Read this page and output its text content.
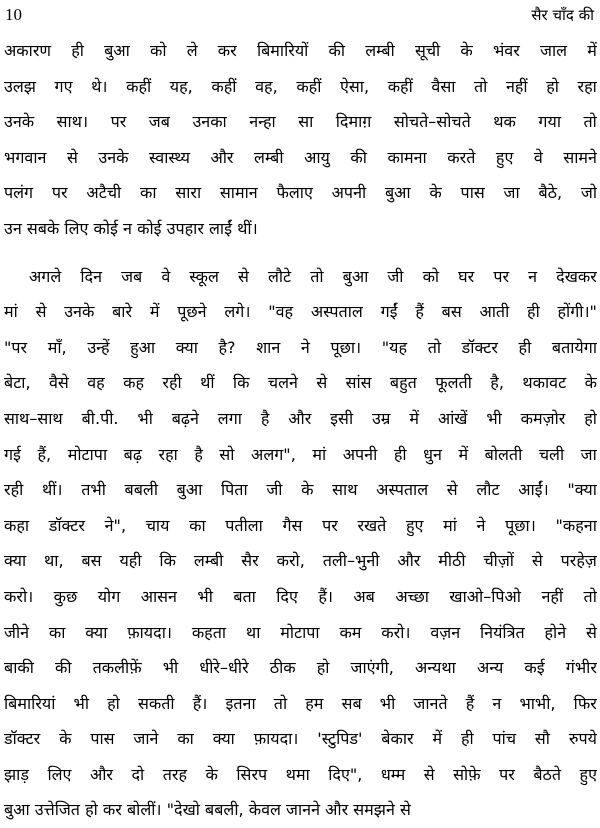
10	सैर चाँद की
अकारण ही बुआ को ले कर बिमारियों की लम्बी सूची के भंवर जाल में
उलझ गए थे। कहीं यह, कहीं वह, कहीं ऐसा, कहीं वैसा तो नहीं हो रहा
उनके साथ। पर जब उनका नन्हा सा दिमाग़ सोचते–सोचते थक गया तो
भगवान से उनके स्वास्थ्य और लम्बी आयु की कामना करते हुए वे सामने
पलंग पर अटैची का सारा सामान फैलाए अपनी बुआ के पास जा बैठे, जो
उन सबके लिए कोई न कोई उपहार लाईं थीं।
अगले दिन जब वे स्कूल से लौटे तो बुआ जी को घर पर न देखकर
मां से उनके बारे में पूछने लगे। "वह अस्पताल गईं हैं बस आती ही होंगी।"
"पर माँ, उन्हें हुआ क्या है? शान ने पूछा। "यह तो डॉक्टर ही बतायेगा
बेटा, वैसे वह कह रही थीं कि चलने से सांस बहुत फूलती है, थकावट के
साथ–साथ बी.पी. भी बढ़ने लगा है और इसी उम्र में आंखें भी कमज़ोर हो
गई हैं, मोटापा बढ़ रहा है सो अलग", मां अपनी ही धुन में बोलती चली जा
रही थीं। तभी बबली बुआ पिता जी के साथ अस्पताल से लौट आईं। "क्या
कहा डॉक्टर ने", चाय का पतीला गैस पर रखते हुए मां ने पूछा। "कहना
क्या था, बस यही कि लम्बी सैर करो, तली–भुनी और मीठी चीज़ों से परहेज़
करो। कुछ योग आसन भी बता दिए हैं। अब अच्छा खाओ–पिओ नहीं तो
जीने का क्या फ़ायदा। कहता था मोटापा कम करो। वज़न नियंत्रित होने से
बाकी की तकलीफ़ें भी धीरे–धीरे ठीक हो जाएंगी, अन्यथा अन्य कई गंभीर
बिमारियां भी हो सकती हैं। इतना तो हम सब भी जानते हैं न भाभी, फिर
डॉक्टर के पास जाने का क्या फ़ायदा। 'स्टुपिड' बेकार में ही पांच सौ रुपये
झाड़ लिए और दो तरह के सिरप थमा दिए", धम्म से सोफ़े पर बैठते हुए
बुआ उत्तेजित हो कर बोलीं। "देखो बबली, केवल जानने और समझने से
